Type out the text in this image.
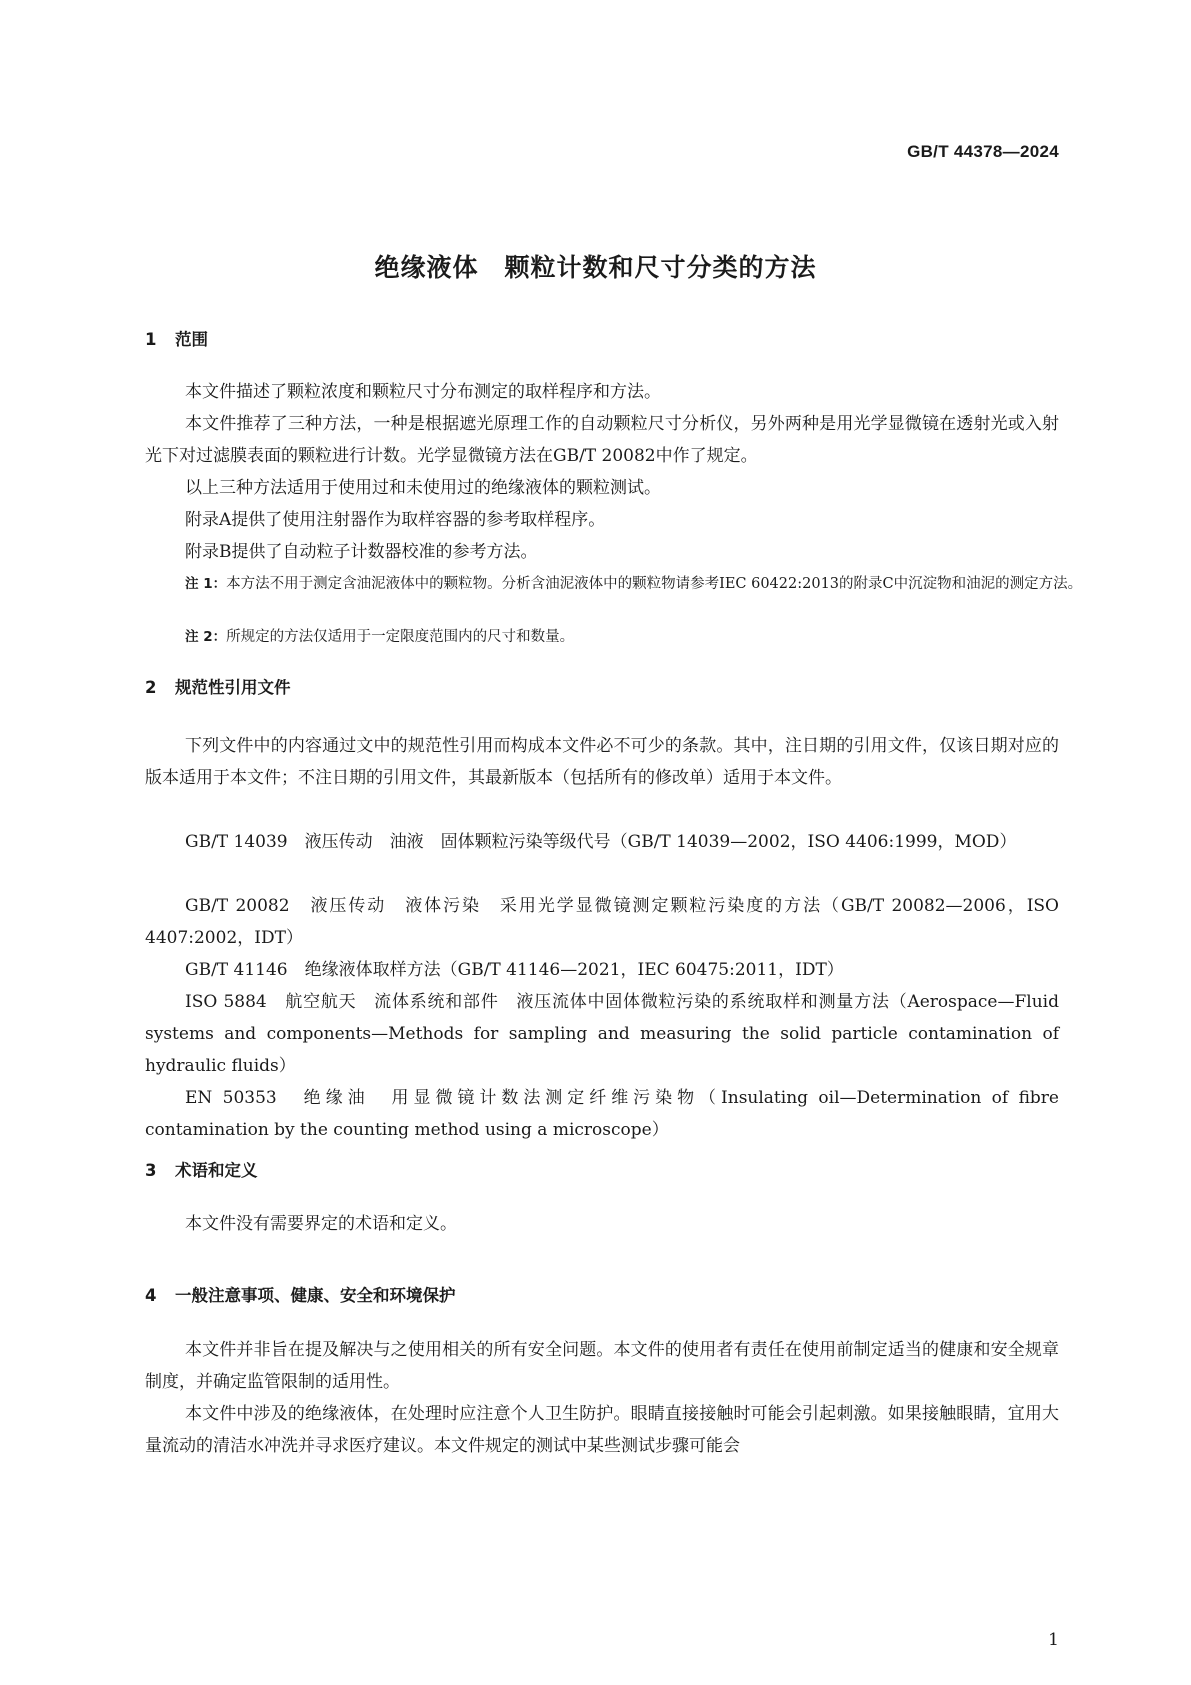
GB/T 44378—2024
绝缘液体　颗粒计数和尺寸分类的方法
1 范围

本文件描述了颗粒浓度和颗粒尺寸分布测定的取样程序和方法。

本文件推荐了三种方法，一种是根据遮光原理工作的自动颗粒尺寸分析仪，另外两种是用光学显微镜在透射光或入射光下对过滤膜表面的颗粒进行计数。光学显微镜方法在GB/T 20082中作了规定。

以上三种方法适用于使用过和未使用过的绝缘液体的颗粒测试。

附录A提供了使用注射器作为取样容器的参考取样程序。

附录B提供了自动粒子计数器校准的参考方法。

注 1：本方法不用于测定含油泥液体中的颗粒物。分析含油泥液体中的颗粒物请参考IEC 60422:2013的附录C中沉淀物和油泥的测定方法。

注 2：所规定的方法仅适用于一定限度范围内的尺寸和数量。

2 规范性引用文件

下列文件中的内容通过文中的规范性引用而构成本文件必不可少的条款。其中，注日期的引用文件，仅该日期对应的版本适用于本文件；不注日期的引用文件，其最新版本（包括所有的修改单）适用于本文件。

GB/T 14039　液压传动　油液　固体颗粒污染等级代号（GB/T 14039—2002，ISO 4406:1999，MOD）

GB/T 20082　液压传动　液体污染　采用光学显微镜测定颗粒污染度的方法（GB/T 20082—2006，ISO 4407:2002，IDT）

GB/T 41146　绝缘液体取样方法（GB/T 41146—2021，IEC 60475:2011，IDT）

ISO 5884　航空航天　流体系统和部件　液压流体中固体微粒污染的系统取样和测量方法（Aerospace—Fluid systems and components—Methods for sampling and measuring the solid particle contamination of hydraulic fluids）

EN 50353　绝缘油　用显微镜计数法测定纤维污染物（Insulating oil—Determination of fibre contamination by the counting method using a microscope）

3 术语和定义

本文件没有需要界定的术语和定义。

4 一般注意事项、健康、安全和环境保护

本文件并非旨在提及解决与之使用相关的所有安全问题。本文件的使用者有责任在使用前制定适当的健康和安全规章制度，并确定监管限制的适用性。

本文件中涉及的绝缘液体，在处理时应注意个人卫生防护。眼睛直接接触时可能会引起刺激。如果接触眼睛，宜用大量流动的清洁水冲洗并寻求医疗建议。本文件规定的测试中某些测试步骤可能会

1
